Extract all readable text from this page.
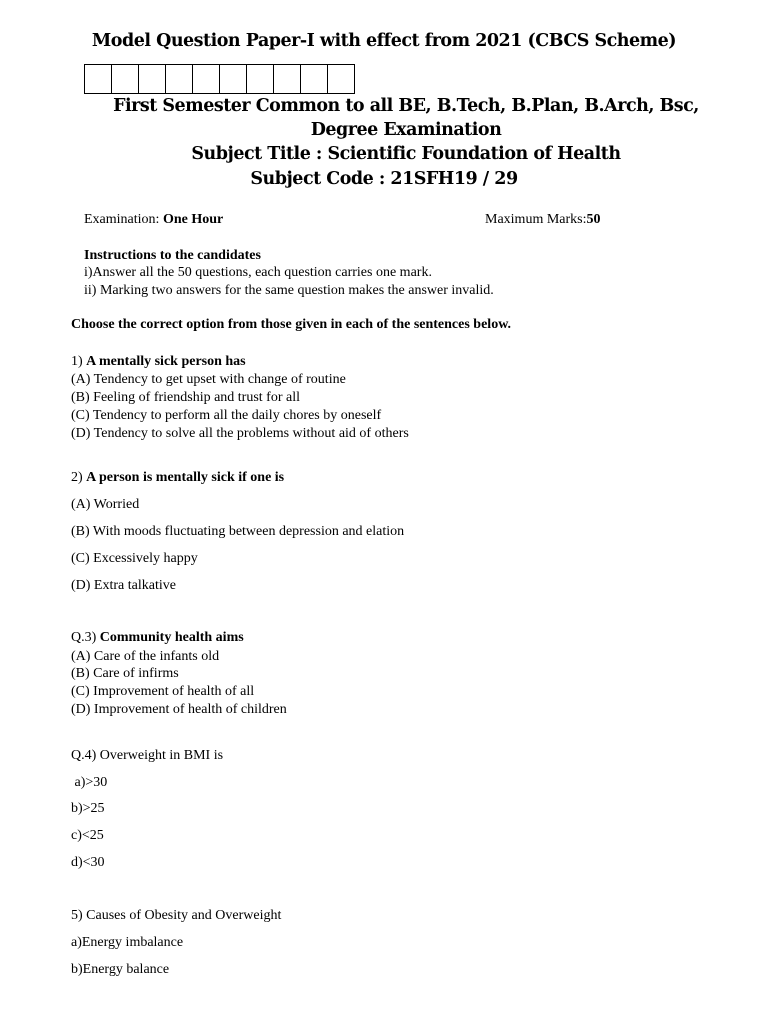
Model Question Paper-I with effect from 2021 (CBCS Scheme)
First Semester Common to all BE, B.Tech, B.Plan, B.Arch, Bsc,
Degree Examination
Subject Title : Scientific Foundation of Health
Subject Code : 21SFH19 / 29
Examination: One Hour	Maximum Marks:50
Instructions to the candidates
i)Answer all the 50 questions, each question carries one mark.
ii) Marking two answers for the same question makes the answer invalid.
Choose the correct option from those given in each of the sentences below.
1) A mentally sick person has
(A) Tendency to get upset with change of routine
(B) Feeling of friendship and trust for all
(C) Tendency to perform all the daily chores by oneself
(D) Tendency to solve all the problems without aid of others
2) A person is mentally sick if one is
(A) Worried
(B) With moods fluctuating between depression and elation
(C) Excessively happy
(D) Extra talkative
Q.3) Community health aims
(A) Care of the infants old
(B) Care of infirms
(C) Improvement of health of all
(D) Improvement of health of children
Q.4) Overweight in BMI is
a)>30
b)>25
c)<25
d)<30
5) Causes of Obesity and Overweight
a)Energy imbalance
b)Energy balance
